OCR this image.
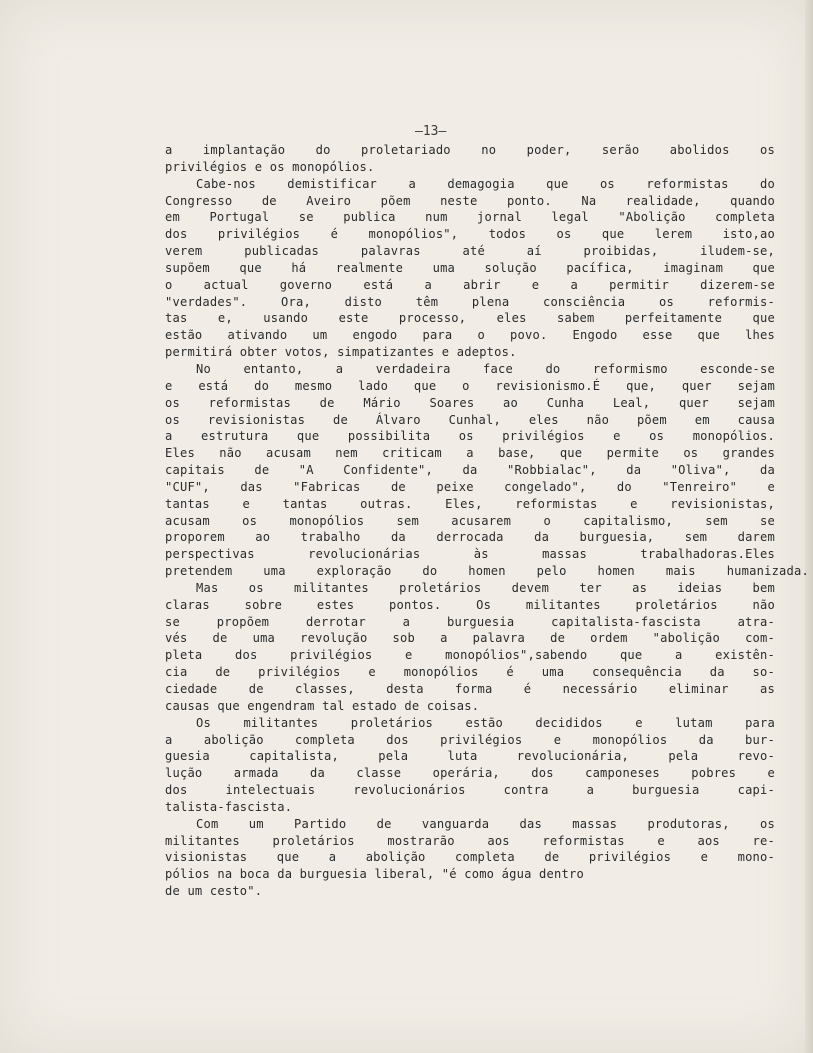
—13—
a implantação do proletariado no poder, serão abolidos os
privilégios e os monopólios.
Cabe-nos demistificar a demagogia que os reformistas do
Congresso de Aveiro põem neste ponto. Na realidade, quando
em Portugal se publica num jornal legal "Abolição completa
dos privilégios é monopólios", todos os que lerem isto,ao
verem publicadas palavras até aí proibidas, iludem-se,
supõem que há realmente uma solução pacífica, imaginam que
o actual governo está a abrir e a permitir dizerem-se
"verdades". Ora, disto têm plena consciência os reformis-
tas e, usando este processo, eles sabem perfeitamente que
estão ativando um engodo para o povo. Engodo esse que lhes
permitirá obter votos, simpatizantes e adeptos.
No entanto, a verdadeira face do reformismo esconde-se
e está do mesmo lado que o revisionismo.É que, quer sejam
os reformistas de Mário Soares ao Cunha Leal, quer sejam
os revisionistas de Álvaro Cunhal, eles não põem em causa
a estrutura que possibilita os privilégios e os monopólios.
Eles não acusam nem criticam a base, que permite os grandes
capitais de "A Confidente", da "Robbialac", da "Oliva", da
"CUF", das "Fabricas de peixe congelado", do "Tenreiro" e
tantas e tantas outras. Eles, reformistas e revisionistas,
acusam os monopólios sem acusarem o capitalismo, sem se
proporem ao trabalho da derrocada da burguesia, sem darem
perspectivas revolucionárias às massas trabalhadoras.Eles
pretendem uma exploração do homen pelo homen mais humanizada.
Mas os militantes proletários devem ter as ideias bem
claras sobre estes pontos. Os militantes proletários não
se propõem derrotar a burguesia capitalista-fascista atra-
vés de uma revolução sob a palavra de ordem "abolição com-
pleta dos privilégios e monopólios",sabendo que a existên-
cia de privilégios e monopólios é uma consequência da so-
ciedade de classes, desta forma é necessário eliminar as
causas que engendram tal estado de coisas.
Os militantes proletários estão decididos e lutam para
a abolição completa dos privilégios e monopólios da bur-
guesia capitalista, pela luta revolucionária, pela revo-
lução armada da classe operária, dos camponeses pobres e
dos intelectuais revolucionários contra a burguesia capi-
talista-fascista.
Com um Partido de vanguarda das massas produtoras, os
militantes proletários mostrarão aos reformistas e aos re-
visionistas que a abolição completa de privilégios e mono-
pólios na boca da burguesia liberal, "é como água dentro
de um cesto".
